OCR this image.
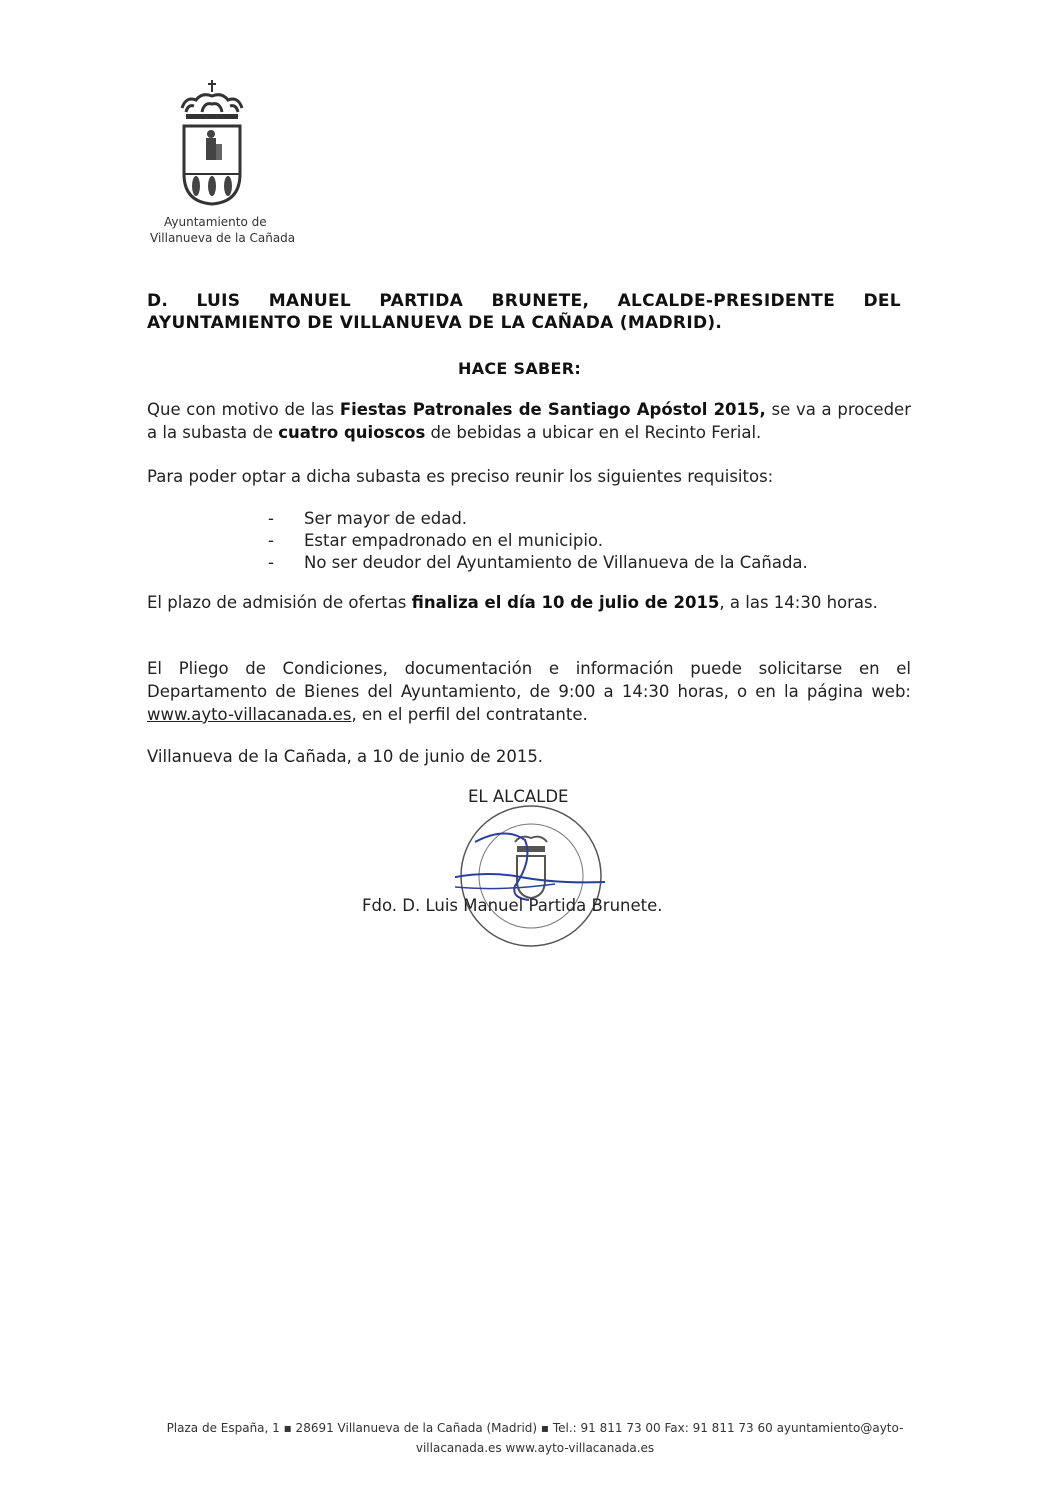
Ayuntamiento de
Villanueva de la Cañada
D. LUIS MANUEL PARTIDA BRUNETE, ALCALDE-PRESIDENTE DEL
AYUNTAMIENTO DE VILLANUEVA DE LA CAÑADA (MADRID).
HACE SABER:
Que con motivo de las Fiestas Patronales de Santiago Apóstol 2015, se va a proceder a la subasta de cuatro quioscos de bebidas a ubicar en el Recinto Ferial.
Para poder optar a dicha subasta es preciso reunir los siguientes requisitos:
-	Ser mayor de edad.
-	Estar empadronado en el municipio.
-	No ser deudor del Ayuntamiento de Villanueva de la Cañada.
El plazo de admisión de ofertas finaliza el día 10 de julio de 2015, a las 14:30 horas.
El Pliego de Condiciones, documentación e información puede solicitarse en el Departamento de Bienes del Ayuntamiento, de 9:00 a 14:30 horas, o en la página web: www.ayto-villacanada.es, en el perfil del contratante.
Villanueva de la Cañada, a 10 de junio de 2015.
EL ALCALDE
Fdo. D. Luis Manuel Partida Brunete.
Plaza de España, 1 ▪ 28691 Villanueva de la Cañada (Madrid) ▪ Tel.: 91 811 73 00 Fax: 91 811 73 60 ayuntamiento@ayto-
villacanada.es www.ayto-villacanada.es
